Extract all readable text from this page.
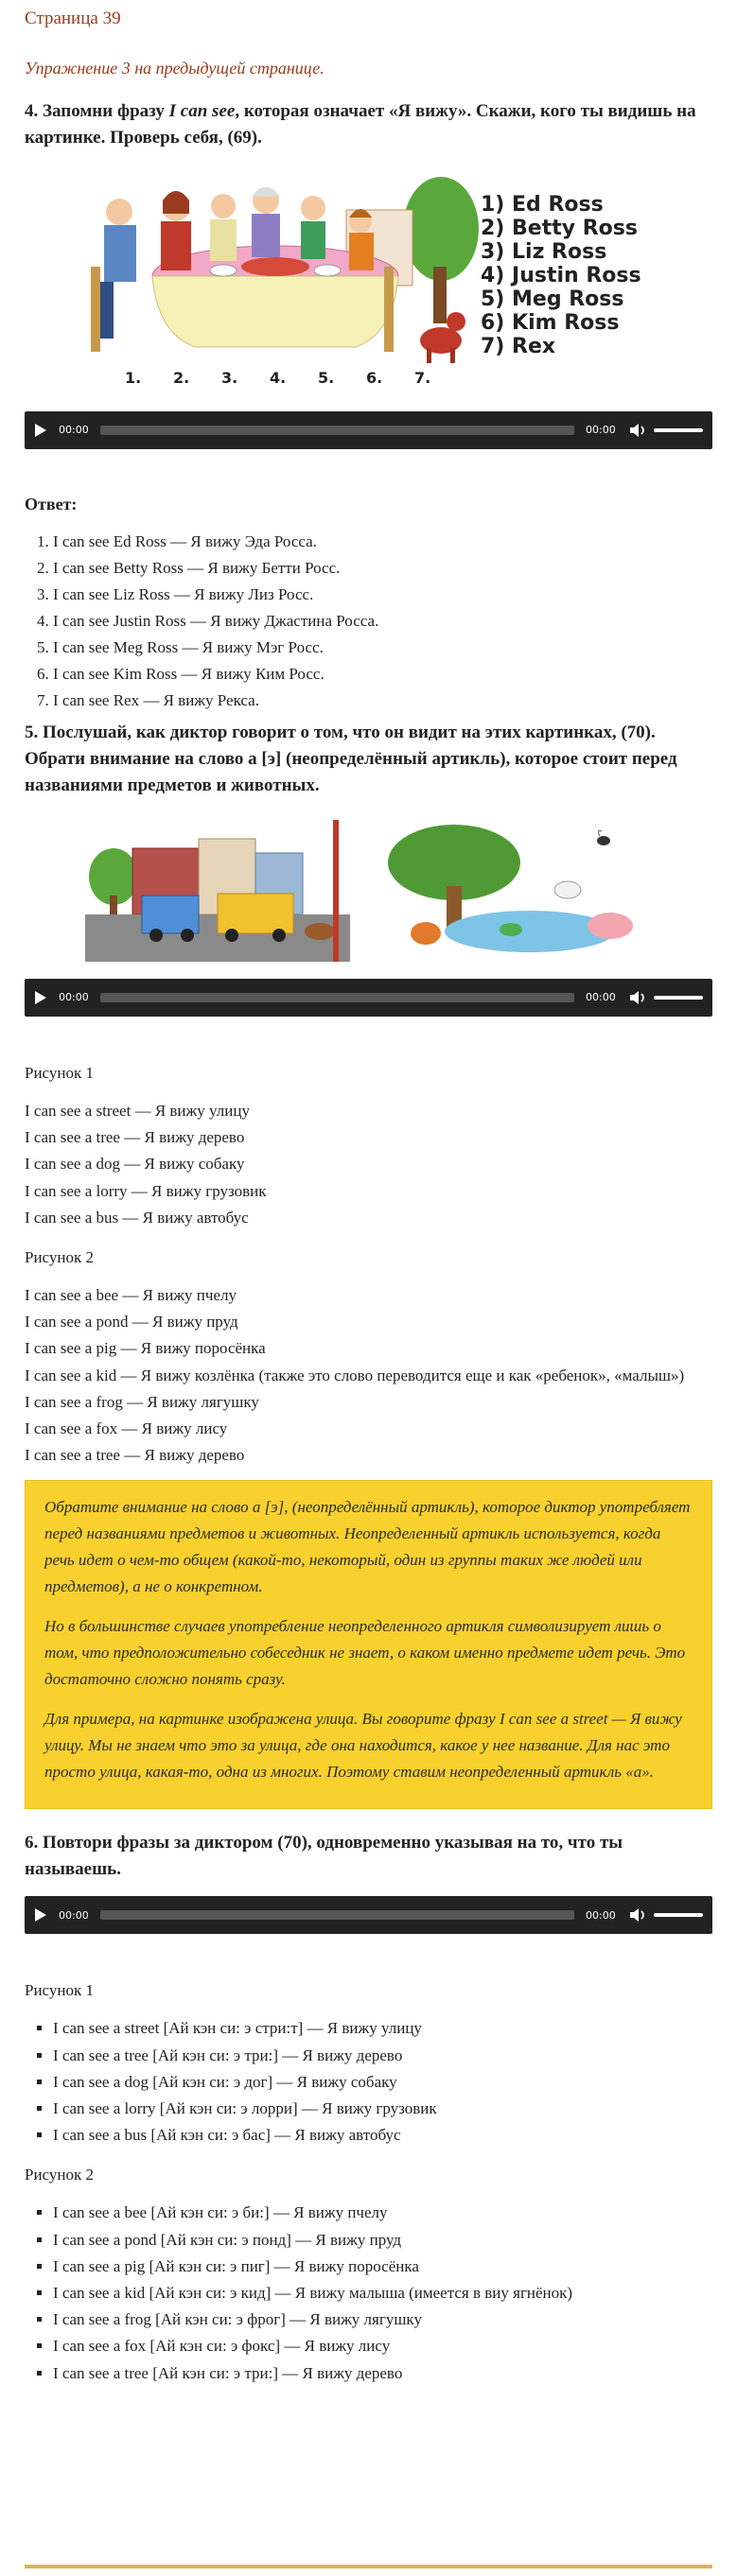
Страница 39
Упражнение 3 на предыдущей странице.
4. Запомни фразу I can see, которая означает «Я вижу». Скажи, кого ты видишь на картинке. Проверь себя, (69).
1) Ed Ross
2) Betty Ross
3) Liz Ross
4) Justin Ross
5) Meg Ross
6) Kim Ross
7) Rex
1. 2. 3. 4. 5. 6. 7.
00:00	00:00
Ответ:
1. I can see Ed Ross — Я вижу Эда Росса.
2. I can see Betty Ross — Я вижу Бетти Росс.
3. I can see Liz Ross — Я вижу Лиз Росс.
4. I can see Justin Ross — Я вижу Джастина Росса.
5. I can see Meg Ross — Я вижу Мэг Росс.
6. I can see Kim Ross — Я вижу Ким Росс.
7. I can see Rex — Я вижу Рекса.
5. Послушай, как диктор говорит о том, что он видит на этих картинках, (70). Обрати внимание на слово а [э] (неопределённый артикль), которое стоит перед названиями предметов и животных.
00:00	00:00
Рисунок 1
I can see a street — Я вижу улицу
I can see a tree — Я вижу дерево
I can see a dog — Я вижу собаку
I can see a lorry — Я вижу грузовик
I can see a bus — Я вижу автобус
Рисунок 2
I can see a bee — Я вижу пчелу
I can see a pond — Я вижу пруд
I can see a pig — Я вижу поросёнка
I can see a kid — Я вижу козлёнка (также это слово переводится еще и как «ребенок», «малыш»)
I can see a frog — Я вижу лягушку
I can see a fox — Я вижу лису
I can see a tree — Я вижу дерево

Обратите внимание на слово а [э], (неопределённый артикль), которое диктор употребляет перед названиями предметов и животных. Неопределенный артикль используется, когда речь идет о чем-то общем (какой-то, некоторый, один из группы таких же людей или предметов), а не о конкретном.

Но в большинстве случаев употребление неопределенного артикля символизирует лишь о том, что предположительно собеседник не знает, о каком именно предмете идет речь. Это достаточно сложно понять сразу.

Для примера, на картинке изображена улица. Вы говорите фразу I can see a street — Я вижу улицу. Мы не знаем что это за улица, где она находится, какое у нее название. Для нас это просто улица, какая-то, одна из многих. Поэтому ставим неопределенный артикль «а».

6. Повтори фразы за диктором (70), одновременно указывая на то, что ты называешь.
00:00	00:00
Рисунок 1
▪ I can see a street [Ай кэн си: э стри:т] — Я вижу улицу
▪ I can see a tree [Ай кэн си: э три:] — Я вижу дерево
▪ I can see a dog [Ай кэн си: э дог] — Я вижу собаку
▪ I can see a lorry [Ай кэн си: э лорри] — Я вижу грузовик
▪ I can see a bus [Ай кэн си: э бас] — Я вижу автобус
Рисунок 2
▪ I can see a bee [Ай кэн си: э би:] — Я вижу пчелу
▪ I can see a pond [Ай кэн си: э понд] — Я вижу пруд
▪ I can see a pig [Ай кэн си: э пиг] — Я вижу поросёнка
▪ I can see a kid [Ай кэн си: э кид] — Я вижу малыша (имеется в виу ягнёнок)
▪ I can see a frog [Ай кэн си: э фрог] — Я вижу лягушку
▪ I can see a fox [Ай кэн си: э фокс] — Я вижу лису
▪ I can see a tree [Ай кэн си: э три:] — Я вижу дерево
